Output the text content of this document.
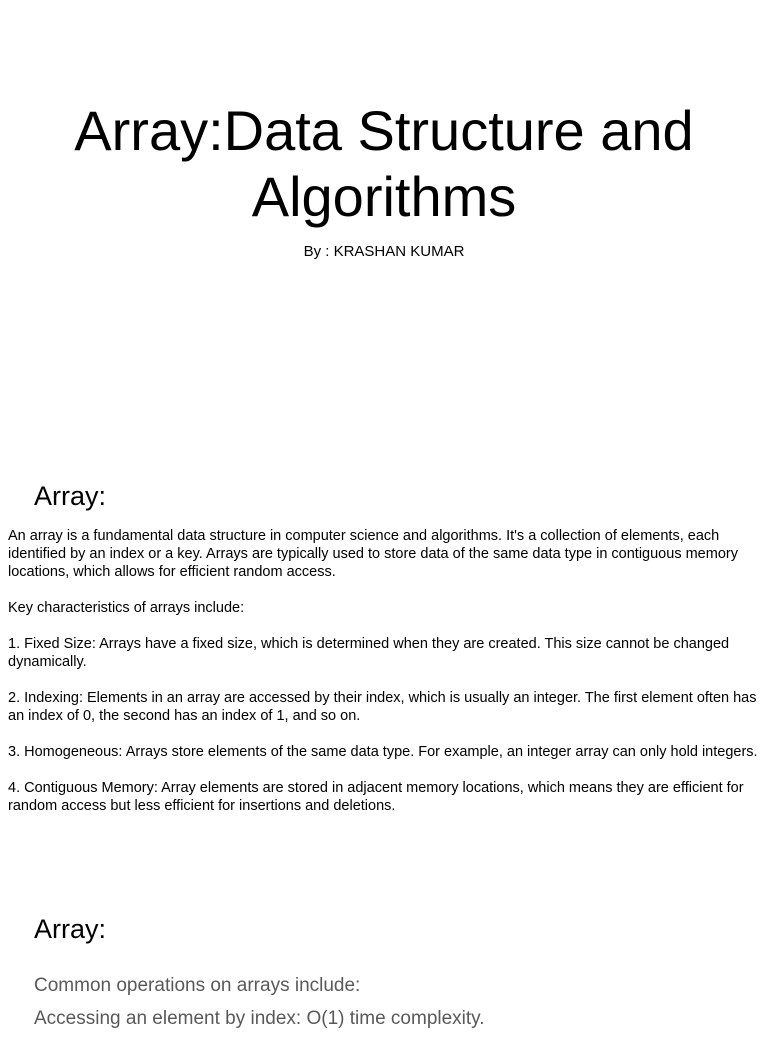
Array:Data Structure and
Algorithms
By : KRASHAN KUMAR
Array:

An array is a fundamental data structure in computer science and algorithms. It's a collection of elements, each identified by an index or a key. Arrays are typically used to store data of the same data type in contiguous memory locations, which allows for efficient random access.

Key characteristics of arrays include:

1. Fixed Size: Arrays have a fixed size, which is determined when they are created. This size cannot be changed dynamically.

2. Indexing: Elements in an array are accessed by their index, which is usually an integer. The first element often has an index of 0, the second has an index of 1, and so on.

3. Homogeneous: Arrays store elements of the same data type. For example, an integer array can only hold integers.

4. Contiguous Memory: Array elements are stored in adjacent memory locations, which means they are efficient for random access but less efficient for insertions and deletions.

Array:

Common operations on arrays include:

Accessing an element by index: O(1) time complexity.
